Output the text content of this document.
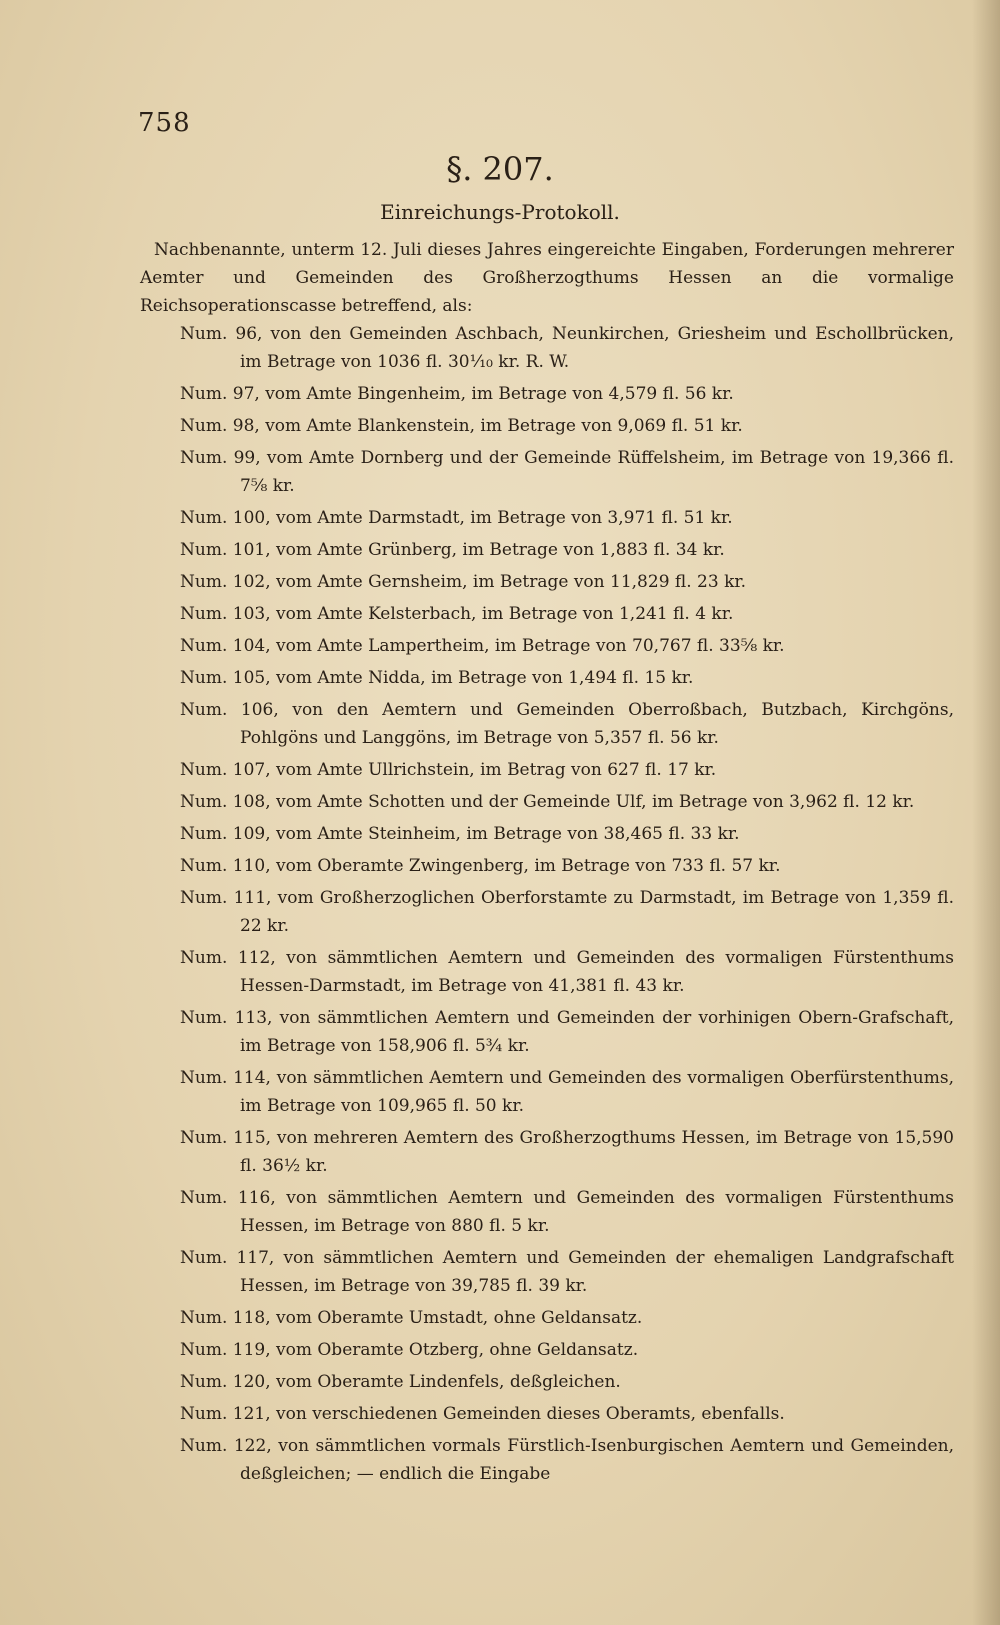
758
§. 207.
Einreichungs-Protokoll.
Nachbenannte, unterm 12. Juli dieses Jahres eingereichte Eingaben, Forderungen mehrerer Aemter und Gemeinden des Großherzogthums Hessen an die vormalige Reichsoperationscasse betreffend, als:
Num. 96, von den Gemeinden Aschbach, Neunkirchen, Griesheim und Eschollbrücken, im Betrage von 1036 fl. 30⅒ kr. R. W.
Num. 97, vom Amte Bingenheim, im Betrage von 4,579 fl. 56 kr.
Num. 98, vom Amte Blankenstein, im Betrage von 9,069 fl. 51 kr.
Num. 99, vom Amte Dornberg und der Gemeinde Rüffelsheim, im Betrage von 19,366 fl. 7⅝ kr.
Num. 100, vom Amte Darmstadt, im Betrage von 3,971 fl. 51 kr.
Num. 101, vom Amte Grünberg, im Betrage von 1,883 fl. 34 kr.
Num. 102, vom Amte Gernsheim, im Betrage von 11,829 fl. 23 kr.
Num. 103, vom Amte Kelsterbach, im Betrage von 1,241 fl. 4 kr.
Num. 104, vom Amte Lampertheim, im Betrage von 70,767 fl. 33⅝ kr.
Num. 105, vom Amte Nidda, im Betrage von 1,494 fl. 15 kr.
Num. 106, von den Aemtern und Gemeinden Oberroßbach, Butzbach, Kirchgöns, Pohlgöns und Langgöns, im Betrage von 5,357 fl. 56 kr.
Num. 107, vom Amte Ullrichstein, im Betrag von 627 fl. 17 kr.
Num. 108, vom Amte Schotten und der Gemeinde Ulf, im Betrage von 3,962 fl. 12 kr.
Num. 109, vom Amte Steinheim, im Betrage von 38,465 fl. 33 kr.
Num. 110, vom Oberamte Zwingenberg, im Betrage von 733 fl. 57 kr.
Num. 111, vom Großherzoglichen Oberforstamte zu Darmstadt, im Betrage von 1,359 fl. 22 kr.
Num. 112, von sämmtlichen Aemtern und Gemeinden des vormaligen Fürstenthums Hessen-Darmstadt, im Betrage von 41,381 fl. 43 kr.
Num. 113, von sämmtlichen Aemtern und Gemeinden der vorhinigen Obern-Grafschaft, im Betrage von 158,906 fl. 5¾ kr.
Num. 114, von sämmtlichen Aemtern und Gemeinden des vormaligen Oberfürstenthums, im Betrage von 109,965 fl. 50 kr.
Num. 115, von mehreren Aemtern des Großherzogthums Hessen, im Betrage von 15,590 fl. 36½ kr.
Num. 116, von sämmtlichen Aemtern und Gemeinden des vormaligen Fürstenthums Hessen, im Betrage von 880 fl. 5 kr.
Num. 117, von sämmtlichen Aemtern und Gemeinden der ehemaligen Landgrafschaft Hessen, im Betrage von 39,785 fl. 39 kr.
Num. 118, vom Oberamte Umstadt, ohne Geldansatz.
Num. 119, vom Oberamte Otzberg, ohne Geldansatz.
Num. 120, vom Oberamte Lindenfels, deßgleichen.
Num. 121, von verschiedenen Gemeinden dieses Oberamts, ebenfalls.
Num. 122, von sämmtlichen vormals Fürstlich-Isenburgischen Aemtern und Gemeinden, deßgleichen; — endlich die Eingabe
